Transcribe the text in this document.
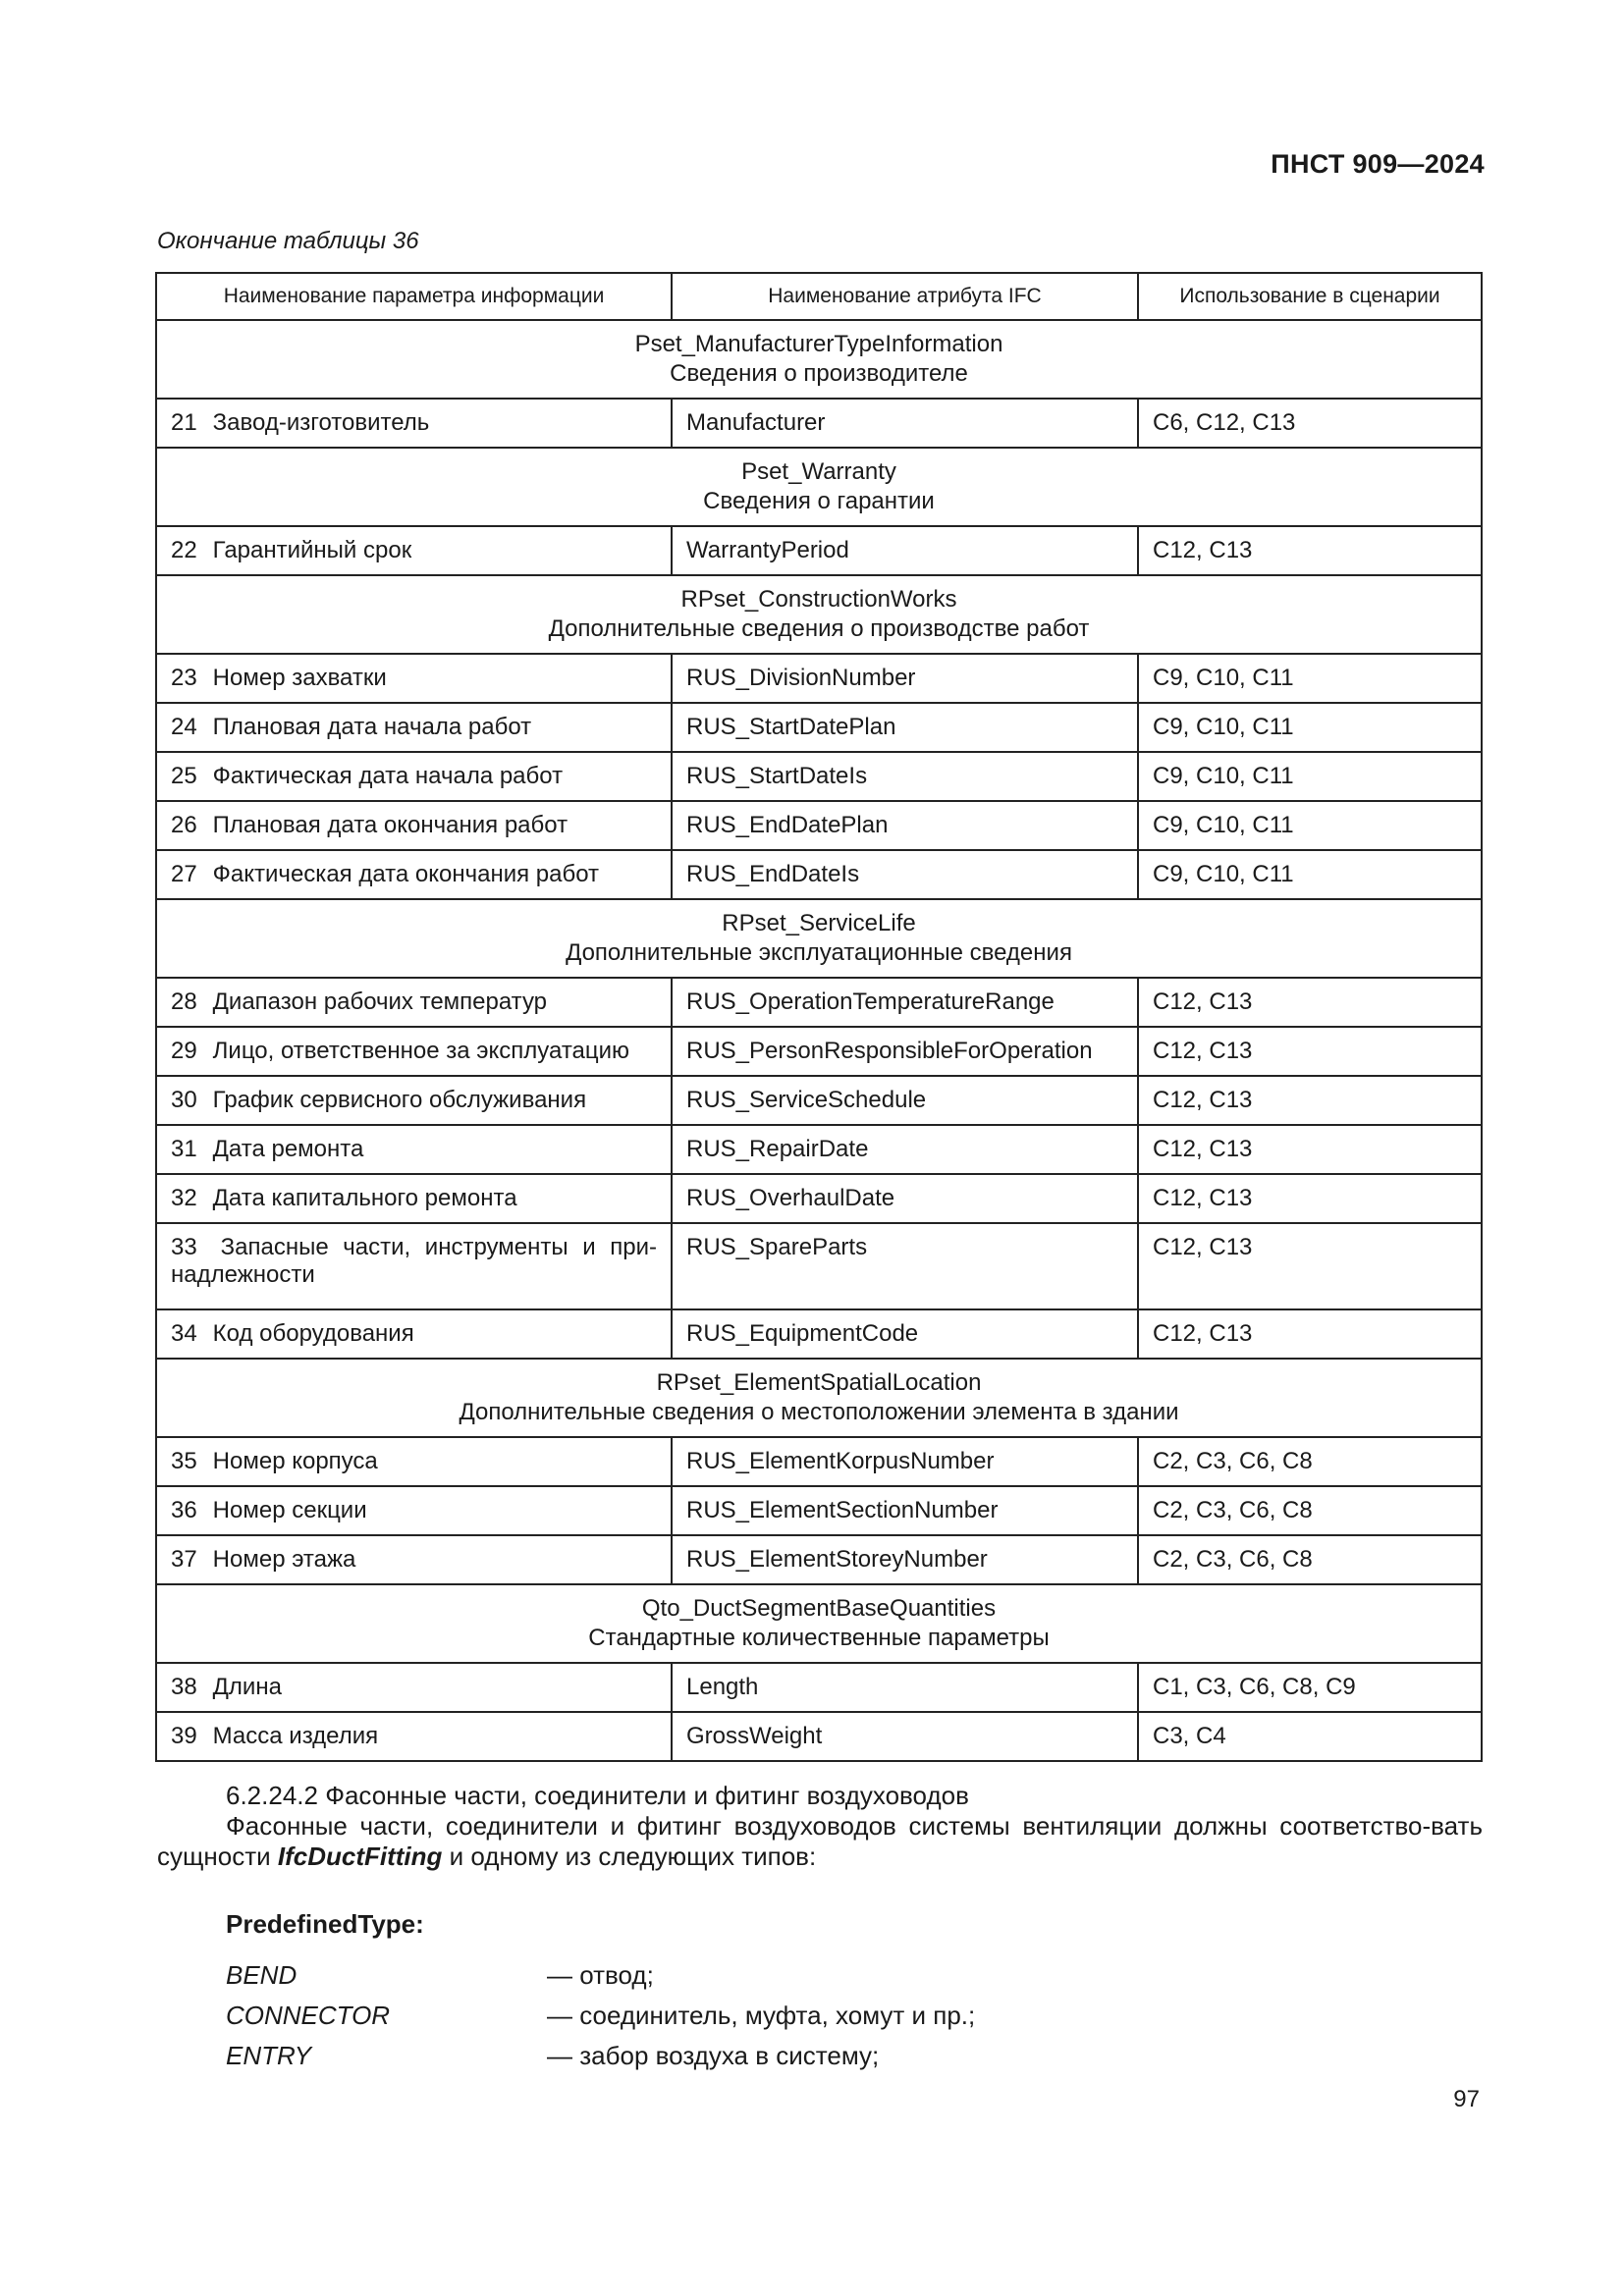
ПНСТ 909—2024
Окончание таблицы 36
Наименование параметра информации	Наименование атрибута IFC	Использование в сценарии

Pset_ManufacturerTypeInformation
Сведения о производителе		

21 Завод-изготовитель	Manufacturer	C6, C12, C13

Pset_Warranty
Сведения о гарантии		

22 Гарантийный срок	WarrantyPeriod	C12, C13

RPset_ConstructionWorks
Дополнительные сведения о производстве работ		

23 Номер захватки	RUS_DivisionNumber	C9, C10, C11
24 Плановая дата начала работ	RUS_StartDatePlan	C9, C10, C11
25 Фактическая дата начала работ	RUS_StartDateIs	C9, C10, C11
26 Плановая дата окончания работ	RUS_EndDatePlan	C9, C10, C11
27 Фактическая дата окончания работ	RUS_EndDateIs	C9, C10, C11

RPset_ServiceLife
Дополнительные эксплуатационные сведения		

28 Диапазон рабочих температур	RUS_OperationTemperatureRange	C12, C13
29 Лицо, ответственное за эксплуатацию	RUS_PersonResponsibleForOperation	C12, C13
30 График сервисного обслуживания	RUS_ServiceSchedule	C12, C13
31 Дата ремонта	RUS_RepairDate	C12, C13
32 Дата капитального ремонта	RUS_OverhaulDate	C12, C13
33 Запасные части, инструменты и при-надлежности	RUS_SpareParts	C12, C13
34 Код оборудования	RUS_EquipmentCode	C12, C13

RPset_ElementSpatialLocation
Дополнительные сведения о местоположении элемента в здании		

35 Номер корпуса	RUS_ElementKorpusNumber	C2, C3, C6, C8
36 Номер секции	RUS_ElementSectionNumber	C2, C3, C6, C8
37 Номер этажа	RUS_ElementStoreyNumber	C2, C3, C6, C8

Qto_DuctSegmentBaseQuantities
Стандартные количественные параметры		

38 Длина	Length	C1, C3, C6, C8, C9
39 Масса изделия	GrossWeight	C3, C4
6.2.24.2 Фасонные части, соединители и фитинг воздуховодов
Фасонные части, соединители и фитинг воздуховодов системы вентиляции должны соответство-вать сущности IfcDuctFitting и одному из следующих типов:
PredefinedType:
BEND	— отвод;
CONNECTOR	— соединитель, муфта, хомут и пр.;
ENTRY	— забор воздуха в систему;
97
